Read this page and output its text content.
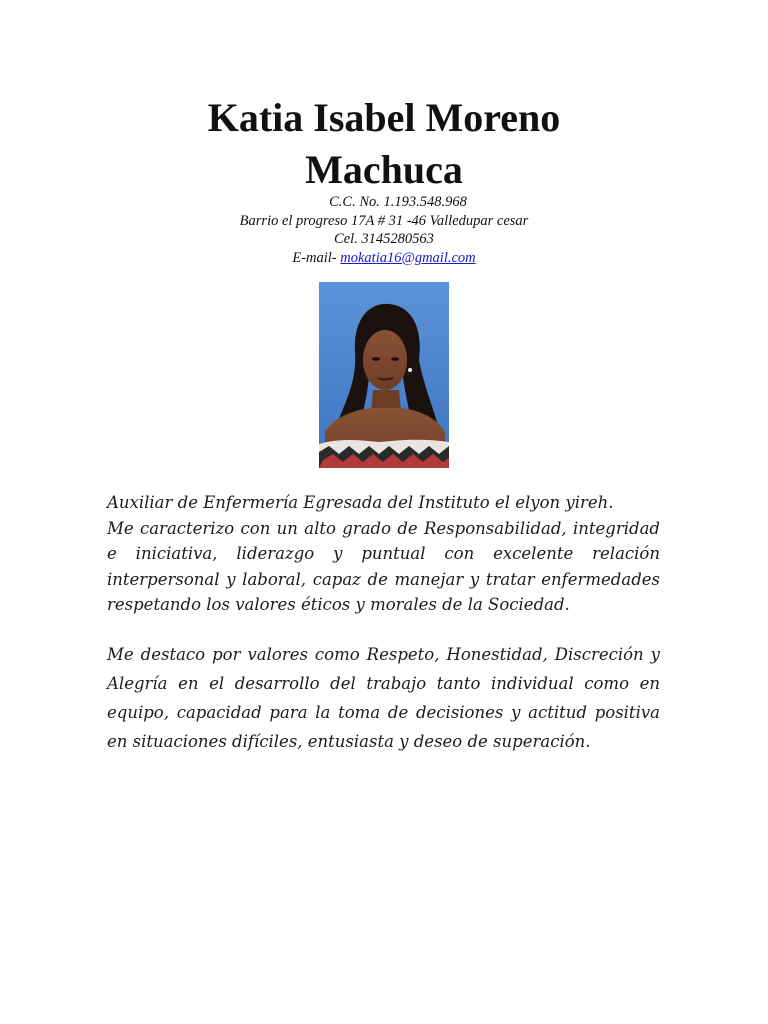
Katia Isabel Moreno
Machuca
C.C. No. 1.193.548.968
Barrio el progreso 17A # 31 -46 Valledupar cesar
Cel. 3145280563
E-mail- mokatia16@gmail.com

Auxiliar de Enfermería Egresada del Instituto el elyon yireh.
Me caracterizo con un alto grado de Responsabilidad, integridad e iniciativa, liderazgo y puntual con excelente relación interpersonal y laboral, capaz de manejar y tratar enfermedades respetando los valores éticos y morales de la Sociedad.

Me destaco por valores como Respeto, Honestidad, Discreción y Alegría en el desarrollo del trabajo tanto individual como en equipo, capacidad para la toma de decisiones y actitud positiva en situaciones difíciles, entusiasta y deseo de superación.
